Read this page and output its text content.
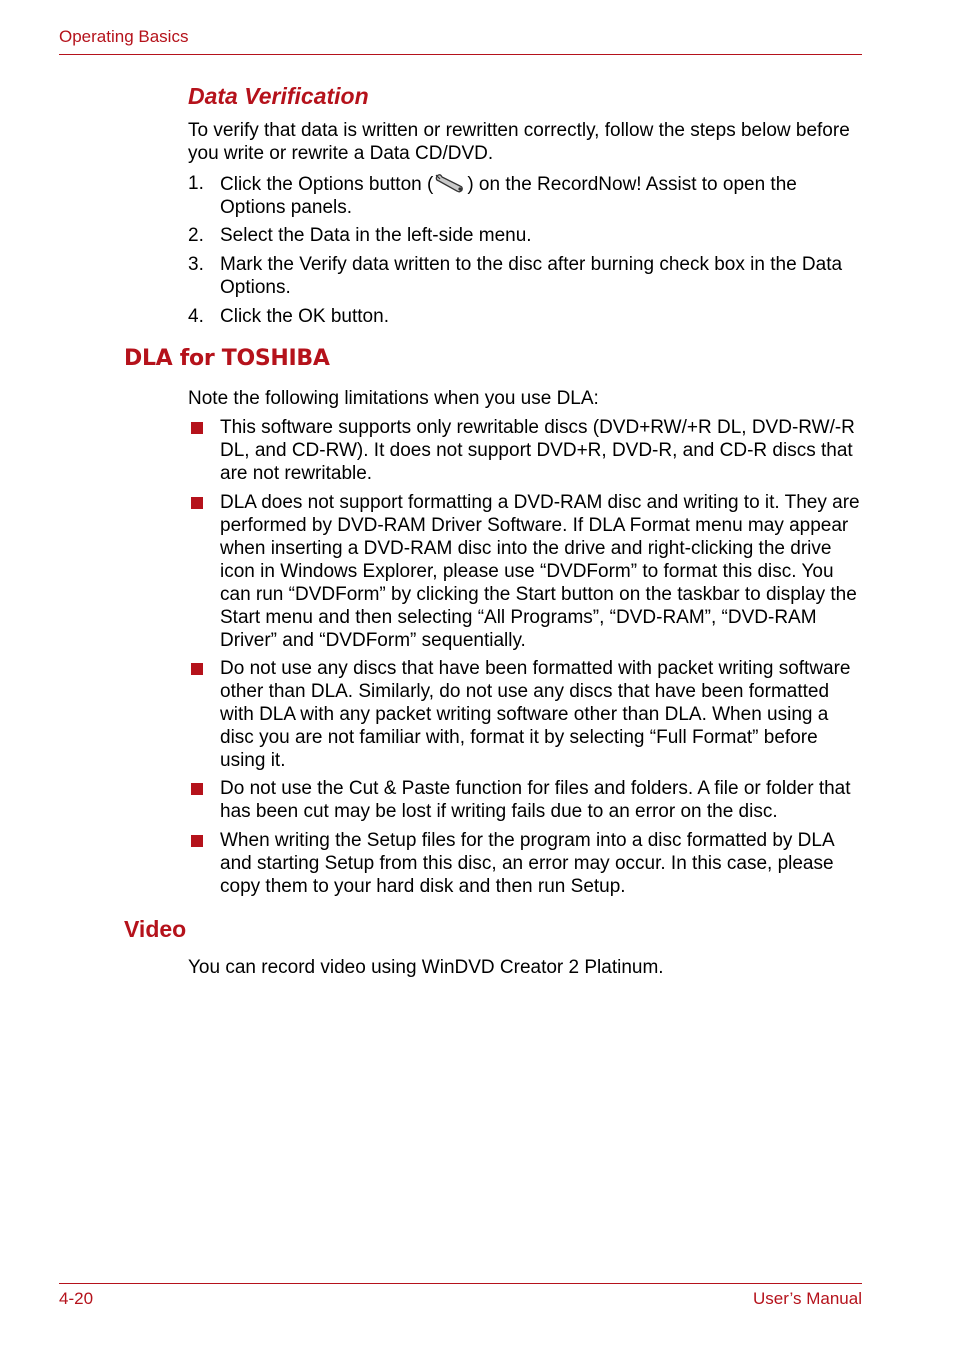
Operating Basics
Data Verification
To verify that data is written or rewritten correctly, follow the steps below before you write or rewrite a Data CD/DVD.
1. Click the Options button ( ) on the RecordNow! Assist to open the Options panels.
2. Select the Data in the left-side menu.
3. Mark the Verify data written to the disc after burning check box in the Data Options.
4. Click the OK button.
DLA for TOSHIBA
Note the following limitations when you use DLA:
This software supports only rewritable discs (DVD+RW/+R DL, DVD-RW/-R DL, and CD-RW). It does not support DVD+R, DVD-R, and CD-R discs that are not rewritable.
DLA does not support formatting a DVD-RAM disc and writing to it. They are performed by DVD-RAM Driver Software. If DLA Format menu may appear when inserting a DVD-RAM disc into the drive and right-clicking the drive icon in Windows Explorer, please use “DVDForm” to format this disc. You can run “DVDForm” by clicking the Start button on the taskbar to display the Start menu and then selecting “All Programs”, “DVD-RAM”, “DVD-RAM Driver” and “DVDForm” sequentially.
Do not use any discs that have been formatted with packet writing software other than DLA. Similarly, do not use any discs that have been formatted with DLA with any packet writing software other than DLA. When using a disc you are not familiar with, format it by selecting “Full Format” before using it.
Do not use the Cut & Paste function for files and folders. A file or folder that has been cut may be lost if writing fails due to an error on the disc.
When writing the Setup files for the program into a disc formatted by DLA and starting Setup from this disc, an error may occur. In this case, please copy them to your hard disk and then run Setup.
Video
You can record video using WinDVD Creator 2 Platinum.
4-20	User’s Manual
